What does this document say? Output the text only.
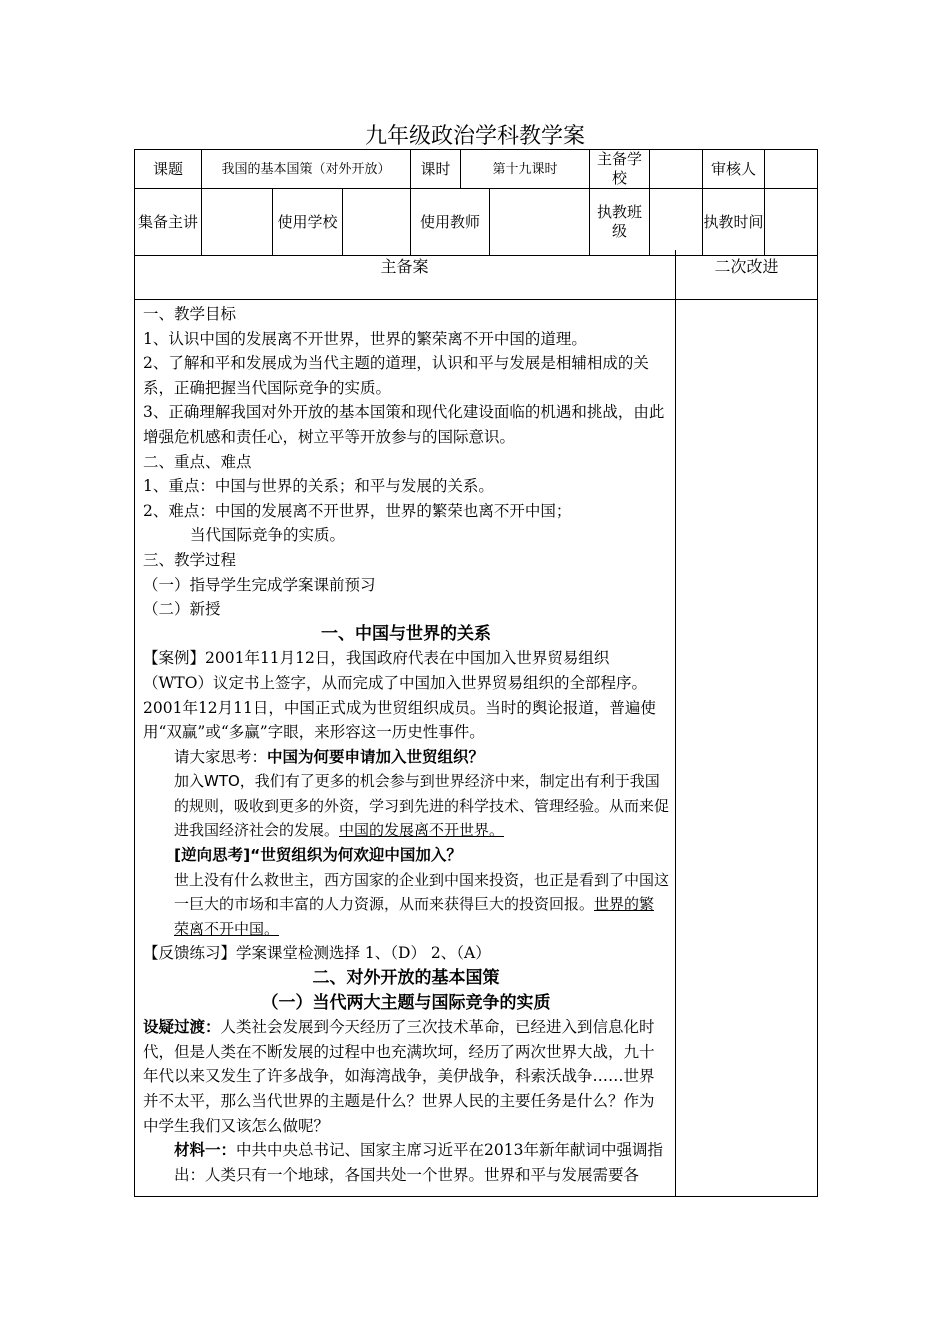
九年级政治学科教学案
课题	我国的基本国策（对外开放）			课时	第十九课时		主备学校		审核人	
集备主讲		使用学校		使用教师			执教班级		执教时间	
主备案	二次改进

一、教学目标

1、认识中国的发展离不开世界，世界的繁荣离不开中国的道理。

2、了解和平和发展成为当代主题的道理，认识和平与发展是相辅相成的关系，正确把握当代国际竞争的实质。

3、正确理解我国对外开放的基本国策和现代化建设面临的机遇和挑战，由此增强危机感和责任心，树立平等开放参与的国际意识。

二、重点、难点

1、重点：中国与世界的关系；和平与发展的关系。

2、难点：中国的发展离不开世界，世界的繁荣也离不开中国；

当代国际竞争的实质。

三、教学过程

（一）指导学生完成学案课前预习

（二）新授

一、中国与世界的关系

【案例】2001年11月12日，我国政府代表在中国加入世界贸易组织（WTO）议定书上签字，从而完成了中国加入世界贸易组织的全部程序。2001年12月11日，中国正式成为世贸组织成员。当时的舆论报道，普遍使用“双赢”或“多赢”字眼，来形容这一历史性事件。

请大家思考：中国为何要申请加入世贸组织？

加入WTO，我们有了更多的机会参与到世界经济中来，制定出有利于我国的规则，吸收到更多的外资，学习到先进的科学技术、管理经验。从而来促进我国经济社会的发展。中国的发展离不开世界。

[逆向思考]“世贸组织为何欢迎中国加入？

世上没有什么救世主，西方国家的企业到中国来投资，也正是看到了中国这一巨大的市场和丰富的人力资源，从而来获得巨大的投资回报。世界的繁荣离不开中国。

【反馈练习】学案课堂检测选择 1、（D） 2、（A）

二、对外开放的基本国策

（一）当代两大主题与国际竞争的实质

设疑过渡：人类社会发展到今天经历了三次技术革命，已经进入到信息化时代，但是人类在不断发展的过程中也充满坎坷，经历了两次世界大战，九十年代以来又发生了许多战争，如海湾战争，美伊战争，科索沃战争……世界并不太平，那么当代世界的主题是什么？世界人民的主要任务是什么？作为中学生我们又该怎么做呢？

材料一：中共中央总书记、国家主席习近平在2013年新年献词中强调指出：人类只有一个地球，各国共处一个世界。世界和平与发展需要各
